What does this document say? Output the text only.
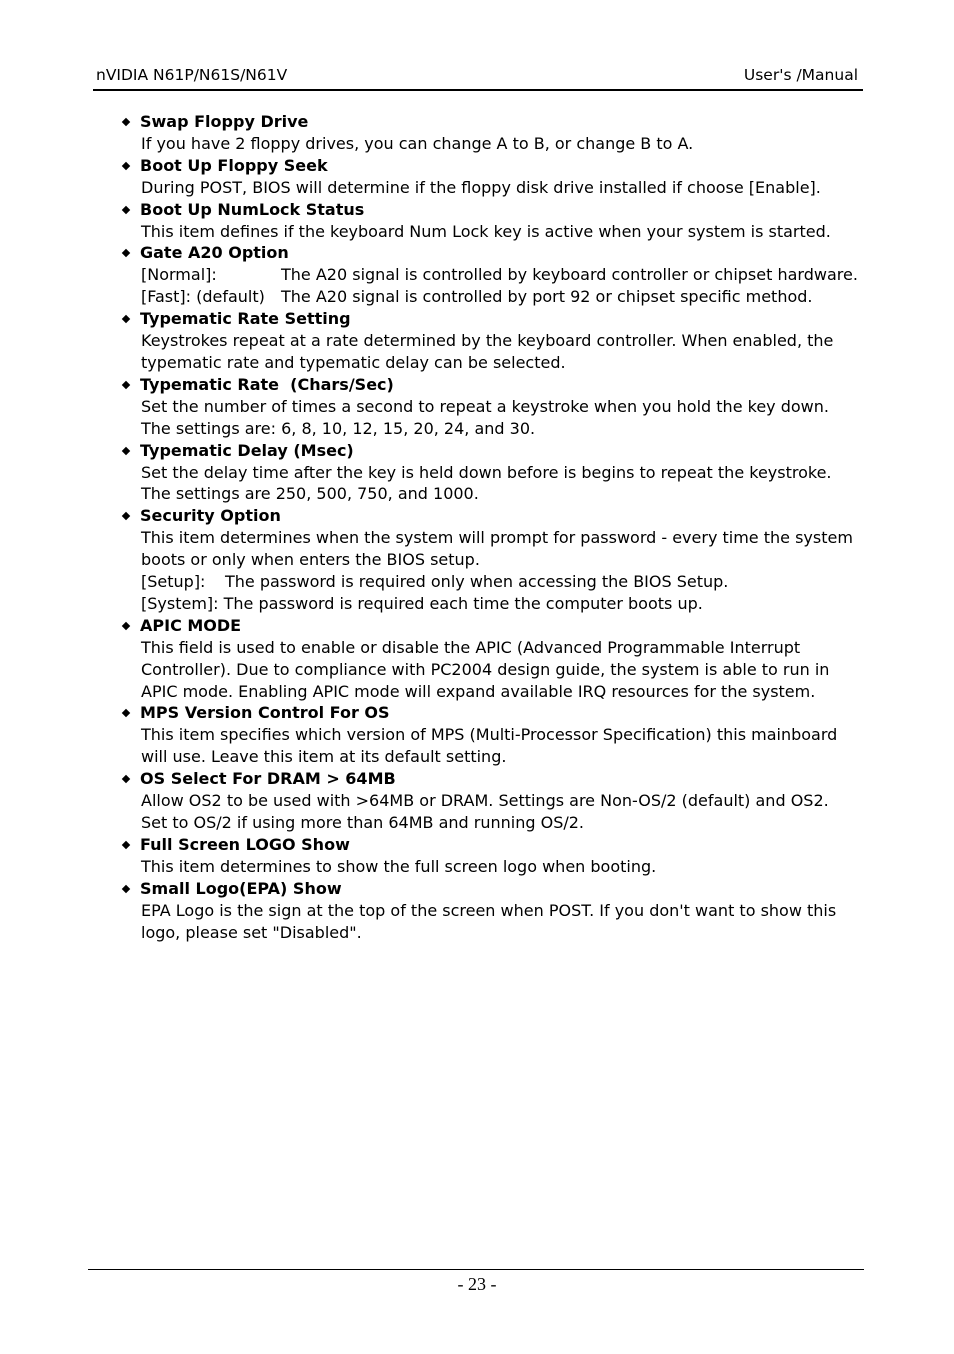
nVIDIA N61P/N61S/N61V	User's /Manual
Swap Floppy Drive
If you have 2 floppy drives, you can change A to B, or change B to A.
Boot Up Floppy Seek
During POST, BIOS will determine if the floppy disk drive installed if choose [Enable].
Boot Up NumLock Status
This item defines if the keyboard Num Lock key is active when your system is started.
Gate A20 Option
[Normal]:	The A20 signal is controlled by keyboard controller or chipset hardware.
[Fast]: (default) The A20 signal is controlled by port 92 or chipset specific method.
Typematic Rate Setting
Keystrokes repeat at a rate determined by the keyboard controller. When enabled, the
typematic rate and typematic delay can be selected.
Typematic Rate  (Chars/Sec)
Set the number of times a second to repeat a keystroke when you hold the key down.
The settings are: 6, 8, 10, 12, 15, 20, 24, and 30.
Typematic Delay (Msec)
Set the delay time after the key is held down before is begins to repeat the keystroke.
The settings are 250, 500, 750, and 1000.
Security Option
This item determines when the system will prompt for password - every time the system
boots or only when enters the BIOS setup.
[Setup]: The password is required only when accessing the BIOS Setup.
[System]: The password is required each time the computer boots up.
APIC MODE
This field is used to enable or disable the APIC (Advanced Programmable Interrupt
Controller). Due to compliance with PC2004 design guide, the system is able to run in
APIC mode. Enabling APIC mode will expand available IRQ resources for the system.
MPS Version Control For OS
This item specifies which version of MPS (Multi-Processor Specification) this mainboard
will use. Leave this item at its default setting.
OS Select For DRAM > 64MB
Allow OS2 to be used with >64MB or DRAM. Settings are Non-OS/2 (default) and OS2.
Set to OS/2 if using more than 64MB and running OS/2.
Full Screen LOGO Show
This item determines to show the full screen logo when booting.
Small Logo(EPA) Show
EPA Logo is the sign at the top of the screen when POST. If you don't want to show this
logo, please set "Disabled".
- 23 -
